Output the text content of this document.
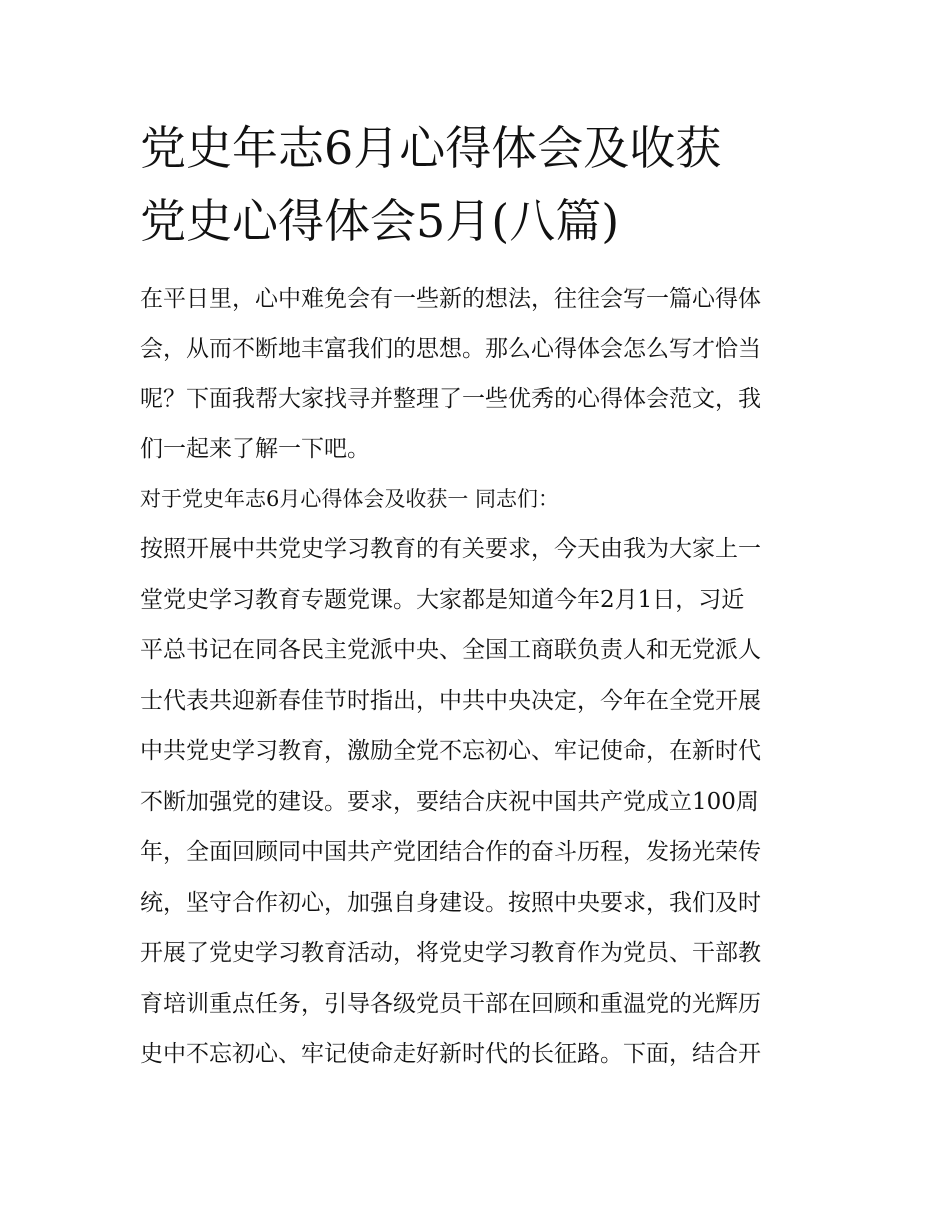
党史年志6月心得体会及收获
党史心得体会5月(八篇)
在平日里，心中难免会有一些新的想法，往往会写一篇心得体
会，从而不断地丰富我们的思想。那么心得体会怎么写才恰当
呢？下面我帮大家找寻并整理了一些优秀的心得体会范文，我
们一起来了解一下吧。

对于党史年志6月心得体会及收获一 同志们：

按照开展中共党史学习教育的有关要求，今天由我为大家上一
堂党史学习教育专题党课。大家都是知道今年2月1日，习近
平总书记在同各民主党派中央、全国工商联负责人和无党派人
士代表共迎新春佳节时指出，中共中央决定，今年在全党开展
中共党史学习教育，激励全党不忘初心、牢记使命，在新时代
不断加强党的建设。要求，要结合庆祝中国共产党成立100周
年，全面回顾同中国共产党团结合作的奋斗历程，发扬光荣传
统，坚守合作初心，加强自身建设。按照中央要求，我们及时
开展了党史学习教育活动，将党史学习教育作为党员、干部教
育培训重点任务，引导各级党员干部在回顾和重温党的光辉历
史中不忘初心、牢记使命走好新时代的长征路。下面，结合开
